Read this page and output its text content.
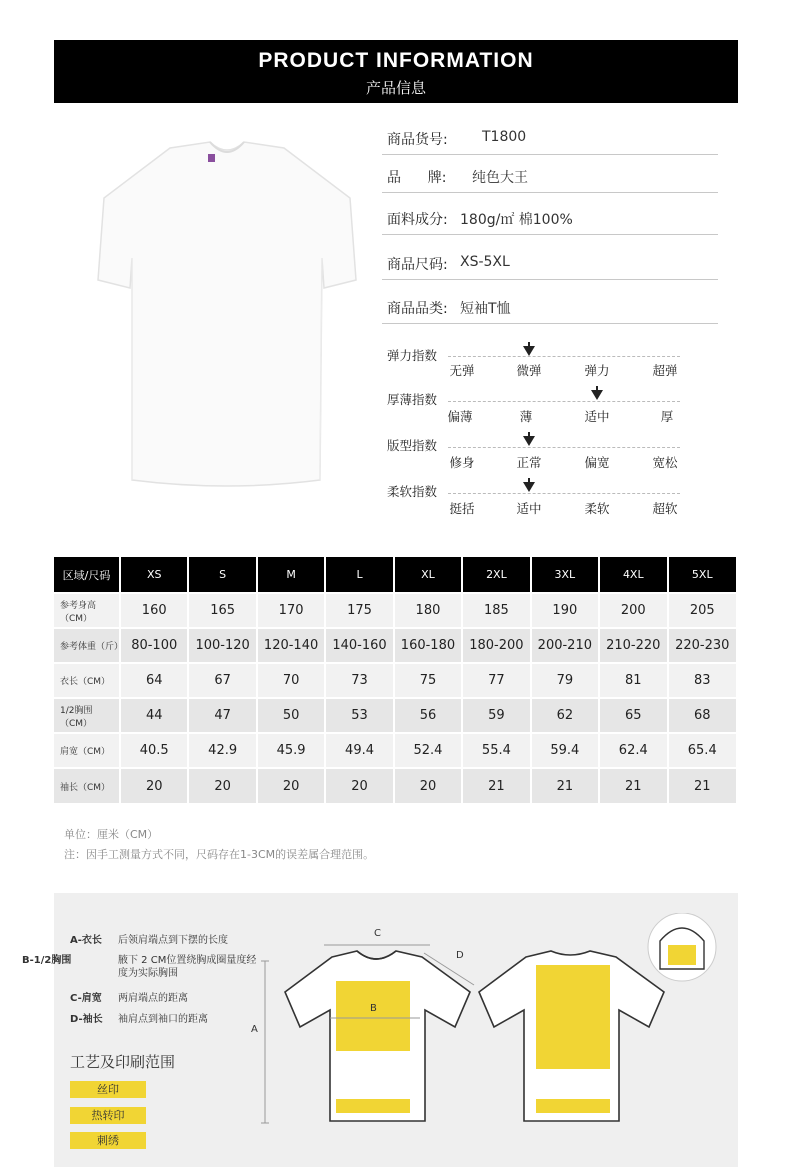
PRODUCT INFORMATION
产品信息
商品货号: T1800
品      牌: 纯色大王
面料成分: 180g/㎡ 棉100%
商品尺码: XS-5XL
商品品类: 短袖T恤
弹力指数
无弹	微弹	弹力	超弹
厚薄指数
偏薄	薄	适中	厚
版型指数
修身	正常	偏宽	宽松
柔软指数
挺括	适中	柔软	超软
区域/尺码	XS	S	M	L	XL	2XL	3XL	4XL	5XL
参考身高（CM）	160	165	170	175	180	185	190	200	205
参考体重（斤）	80-100	100-120	120-140	140-160	160-180	180-200	200-210	210-220	220-230
衣长（CM）	64	67	70	73	75	77	79	81	83
1/2胸围（CM）	44	47	50	53	56	59	62	65	68
肩宽（CM）	40.5	42.9	45.9	49.4	52.4	55.4	59.4	62.4	65.4
袖长（CM）	20	20	20	20	20	21	21	21	21
单位：厘米（CM）
注：因手工测量方式不同，尺码存在1-3CM的误差属合理范围。
A-衣长 后领肩端点到下摆的长度
B-1/2胸围	腋下 2 CM位置绕胸成圈量度经度为实际胸围
C-肩宽 两肩端点的距离
D-袖长 袖肩点到袖口的距离
工艺及印刷范围
丝印
热转印
刺绣
A
B
C
D
